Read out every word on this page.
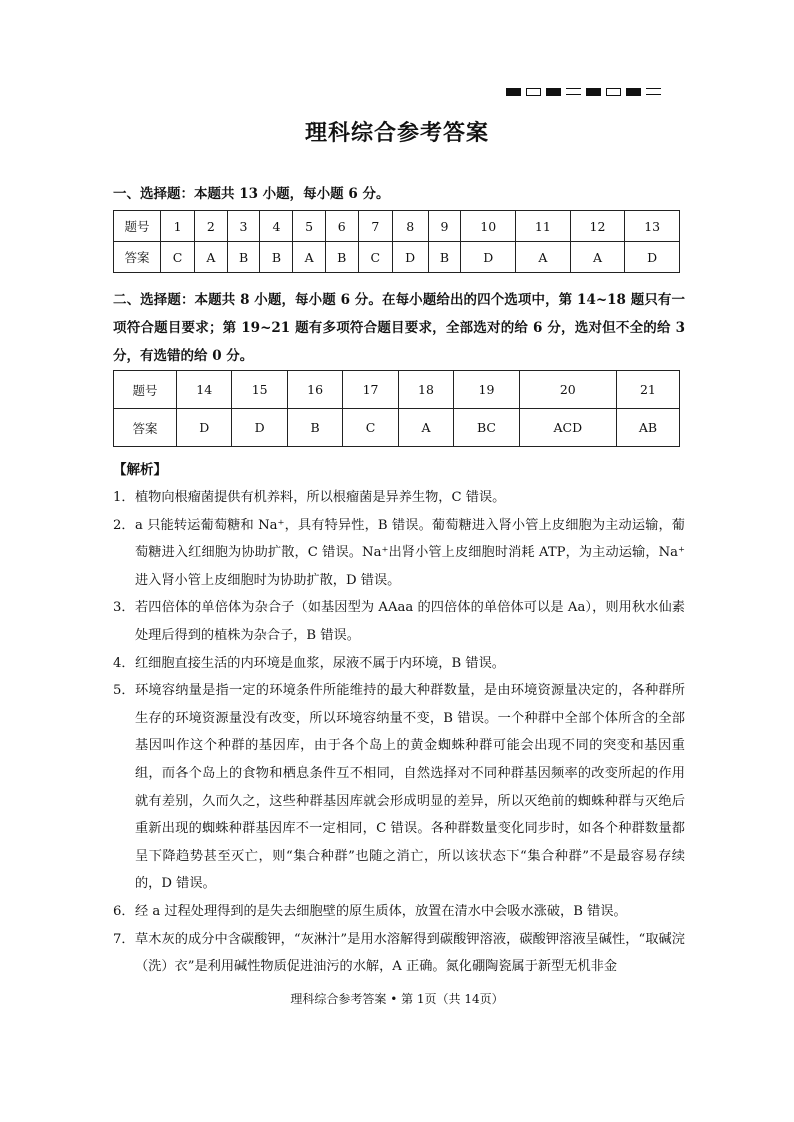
理科综合参考答案
一、选择题：本题共 13 小题，每小题 6 分。
题号	1	2	3	4	5	6	7	8	9	10	11	12	13
答案	C	A	B	B	A	B	C	D	B	D	A	A	D
二、选择题：本题共 8 小题，每小题 6 分。在每小题给出的四个选项中，第 14~18 题只有一项符合题目要求；第 19~21 题有多项符合题目要求，全部选对的给 6 分，选对但不全的给 3 分，有选错的给 0 分。
题号	14	15	16	17	18	19	20	21
答案	D	D	B	C	A	BC	ACD	AB
【解析】
1． 植物向根瘤菌提供有机养料，所以根瘤菌是异养生物，C 错误。
2． a 只能转运葡萄糖和 Na⁺，具有特异性，B 错误。葡萄糖进入肾小管上皮细胞为主动运输，葡萄糖进入红细胞为协助扩散，C 错误。Na⁺出肾小管上皮细胞时消耗 ATP，为主动运输，Na⁺进入肾小管上皮细胞时为协助扩散，D 错误。
3． 若四倍体的单倍体为杂合子（如基因型为 AAaa 的四倍体的单倍体可以是 Aa），则用秋水仙素处理后得到的植株为杂合子，B 错误。
4． 红细胞直接生活的内环境是血浆，尿液不属于内环境，B 错误。
5． 环境容纳量是指一定的环境条件所能维持的最大种群数量，是由环境资源量决定的，各种群所生存的环境资源量没有改变，所以环境容纳量不变，B 错误。一个种群中全部个体所含的全部基因叫作这个种群的基因库，由于各个岛上的黄金蜘蛛种群可能会出现不同的突变和基因重组，而各个岛上的食物和栖息条件互不相同，自然选择对不同种群基因频率的改变所起的作用就有差别，久而久之，这些种群基因库就会形成明显的差异，所以灭绝前的蜘蛛种群与灭绝后重新出现的蜘蛛种群基因库不一定相同，C 错误。各种群数量变化同步时，如各个种群数量都呈下降趋势甚至灭亡，则“集合种群”也随之消亡，所以该状态下“集合种群”不是最容易存续的，D 错误。
6． 经 a 过程处理得到的是失去细胞壁的原生质体，放置在清水中会吸水涨破，B 错误。
7． 草木灰的成分中含碳酸钾，“灰淋汁”是用水溶解得到碳酸钾溶液，碳酸钾溶液呈碱性，“取碱浣（洗）衣”是利用碱性物质促进油污的水解，A 正确。氮化硼陶瓷属于新型无机非金
理科综合参考答案 • 第 1页（共 14页）
